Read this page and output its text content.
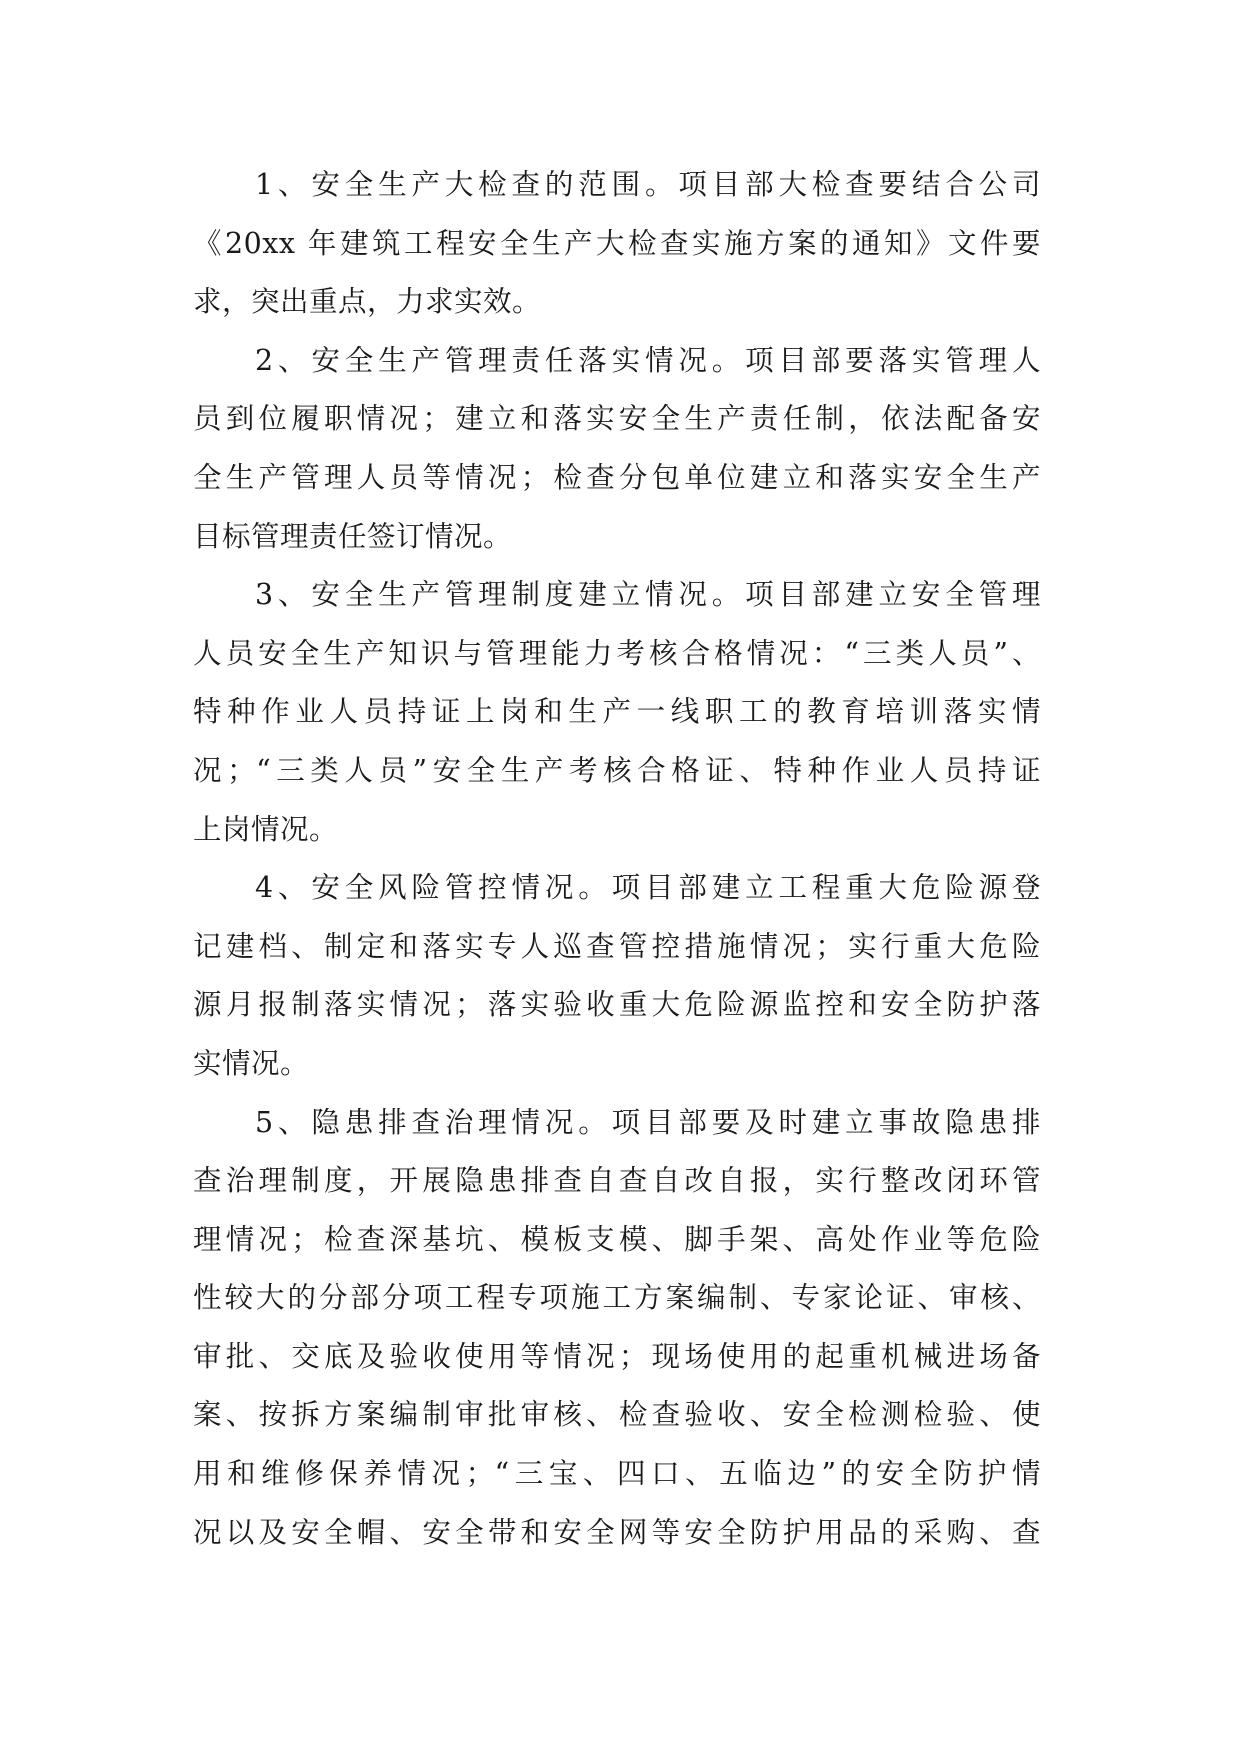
1、安全生产大检查的范围。项目部大检查要结合公司
《20xx 年建筑工程安全生产大检查实施方案的通知》文件要
求，突出重点，力求实效。
2、安全生产管理责任落实情况。项目部要落实管理人
员到位履职情况；建立和落实安全生产责任制，依法配备安
全生产管理人员等情况；检查分包单位建立和落实安全生产
目标管理责任签订情况。
3、安全生产管理制度建立情况。项目部建立安全管理
人员安全生产知识与管理能力考核合格情况：“三类人员”、
特种作业人员持证上岗和生产一线职工的教育培训落实情
况；“三类人员”安全生产考核合格证、特种作业人员持证
上岗情况。
4、安全风险管控情况。项目部建立工程重大危险源登
记建档、制定和落实专人巡查管控措施情况；实行重大危险
源月报制落实情况；落实验收重大危险源监控和安全防护落
实情况。
5、隐患排查治理情况。项目部要及时建立事故隐患排
查治理制度，开展隐患排查自查自改自报，实行整改闭环管
理情况；检查深基坑、模板支模、脚手架、高处作业等危险
性较大的分部分项工程专项施工方案编制、专家论证、审核、
审批、交底及验收使用等情况；现场使用的起重机械进场备
案、按拆方案编制审批审核、检查验收、安全检测检验、使
用和维修保养情况；“三宝、四口、五临边”的安全防护情
况以及安全帽、安全带和安全网等安全防护用品的采购、查
